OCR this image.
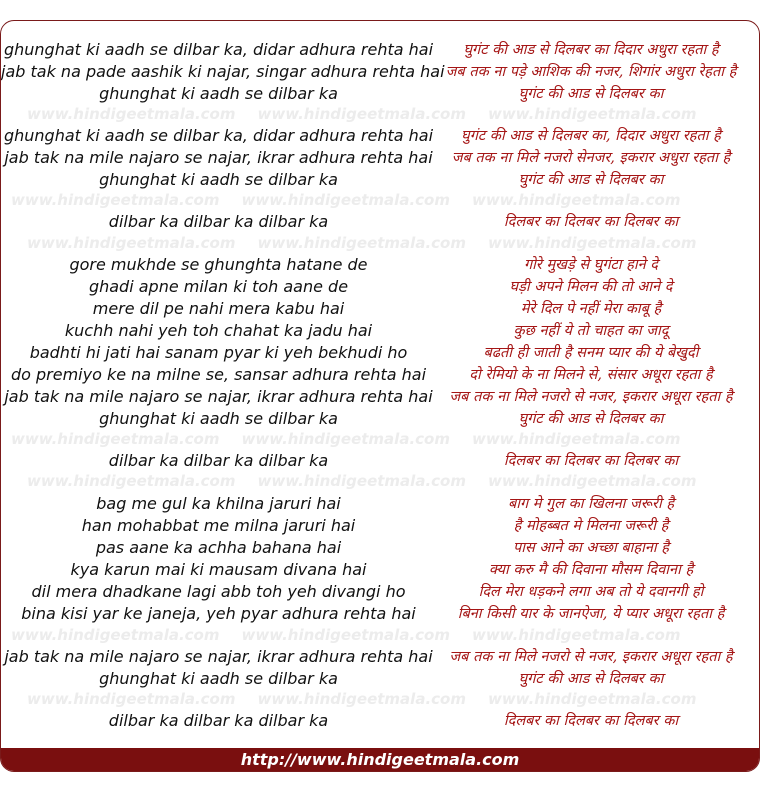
www.hindigeetmala.com www.hindigeetmala.com www.hindigeetmala.com
www.hindigeetmala.com www.hindigeetmala.com www.hindigeetmala.com
www.hindigeetmala.com www.hindigeetmala.com www.hindigeetmala.com
www.hindigeetmala.com www.hindigeetmala.com www.hindigeetmala.com
www.hindigeetmala.com www.hindigeetmala.com www.hindigeetmala.com
www.hindigeetmala.com www.hindigeetmala.com www.hindigeetmala.com
www.hindigeetmala.com www.hindigeetmala.com www.hindigeetmala.com
ghunghat ki aadh se dilbar ka, didar adhura rehta hai	घुगंट की आड से दिलबर का दिदार अधुरा रहता है
jab tak na pade aashik ki najar, singar adhura rehta hai जब तक ना पड़े आशिक की नजर, शिगांर अधुरा रेहता है
ghunghat ki aadh se dilbar ka	घुगंट की आड से दिलबर का
ghunghat ki aadh se dilbar ka, didar adhura rehta hai	घुगंट की आड से दिलबर का, दिदार अधुरा रहता है
jab tak na mile najaro se najar, ikrar adhura rehta hai	जब तक ना मिले नजरो सेनजर, इकरार अधुरा रहता है
ghunghat ki aadh se dilbar ka	घुगंट की आड से दिलबर का
dilbar ka dilbar ka dilbar ka	दिलबर का दिलबर का दिलबर का
gore mukhde se ghunghta hatane de	गोरे मुखड़े से घुगंटा हाने दे
ghadi apne milan ki toh aane de	घड़ी अपने मिलन की तो आने दे
mere dil pe nahi mera kabu hai	मेरे दिल पे नहीं मेरा काबू है
kuchh nahi yeh toh chahat ka jadu hai	कुछ नहीं ये तो चाहत का जादू
badhti hi jati hai sanam pyar ki yeh bekhudi ho	बढती ही जाती है सनम प्यार की ये बेखुदी
do premiyo ke na milne se, sansar adhura rehta hai	दो रेमियो के ना मिलने से, संसार अधूरा रहता है
jab tak na mile najaro se najar, ikrar adhura rehta hai	जब तक ना मिले नजरो से नजर, इकरार अधूरा रहता है
ghunghat ki aadh se dilbar ka	घुगंट की आड से दिलबर का
dilbar ka dilbar ka dilbar ka	दिलबर का दिलबर का दिलबर का
bag me gul ka khilna jaruri hai	बाग मे गुल का खिलना जरूरी है
han mohabbat me milna jaruri hai	है मोहब्बत मे मिलना जरूरी है
pas aane ka achha bahana hai	पास आने का अच्छा बाहाना है
kya karun mai ki mausam divana hai	क्या करु मै की दिवाना मौसम दिवाना है
dil mera dhadkane lagi abb toh yeh divangi ho	दिल मेरा धड़कने लगा अब तो ये दवानगी हो
bina kisi yar ke janeja, yeh pyar adhura rehta hai	बिना किसी यार के जानऐजा, ये प्यार अधूरा रहता है
jab tak na mile najaro se najar, ikrar adhura rehta hai	जब तक ना मिले नजरो से नजर, इकरार अधूरा रहता है
ghunghat ki aadh se dilbar ka	घुगंट की आड से दिलबर का
dilbar ka dilbar ka dilbar ka	दिलबर का दिलबर का दिलबर का
http://www.hindigeetmala.com
